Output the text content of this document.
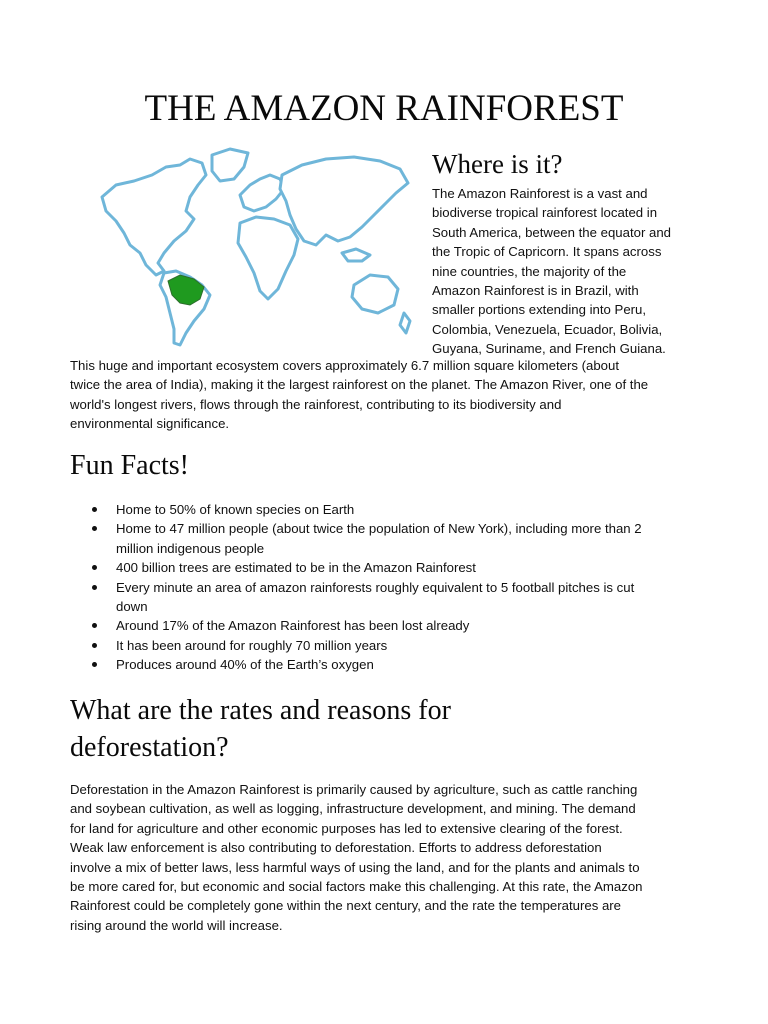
THE AMAZON RAINFOREST
Where is it?
The Amazon Rainforest is a vast and
biodiverse tropical rainforest located in
South America, between the equator and
the Tropic of Capricorn. It spans across
nine countries, the majority of the
Amazon Rainforest is in Brazil, with
smaller portions extending into Peru,
Colombia, Venezuela, Ecuador, Bolivia,
Guyana, Suriname, and French Guiana.
This huge and important ecosystem covers approximately 6.7 million square kilometers (about
twice the area of India), making it the largest rainforest on the planet. The Amazon River, one of the
world's longest rivers, flows through the rainforest, contributing to its biodiversity and
environmental significance.
Fun Facts!
Home to 50% of known species on Earth
Home to 47 million people (about twice the population of New York), including more than 2
million indigenous people
400 billion trees are estimated to be in the Amazon Rainforest
Every minute an area of amazon rainforests roughly equivalent to 5 football pitches is cut
down
Around 17% of the Amazon Rainforest has been lost already
It has been around for roughly 70 million years
Produces around 40% of the Earth’s oxygen
What are the rates and reasons for
deforestation?
Deforestation in the Amazon Rainforest is primarily caused by agriculture, such as cattle ranching
and soybean cultivation, as well as logging, infrastructure development, and mining. The demand
for land for agriculture and other economic purposes has led to extensive clearing of the forest.
Weak law enforcement is also contributing to deforestation. Efforts to address deforestation
involve a mix of better laws, less harmful ways of using the land, and for the plants and animals to
be more cared for, but economic and social factors make this challenging. At this rate, the Amazon
Rainforest could be completely gone within the next century, and the rate the temperatures are
rising around the world will increase.
